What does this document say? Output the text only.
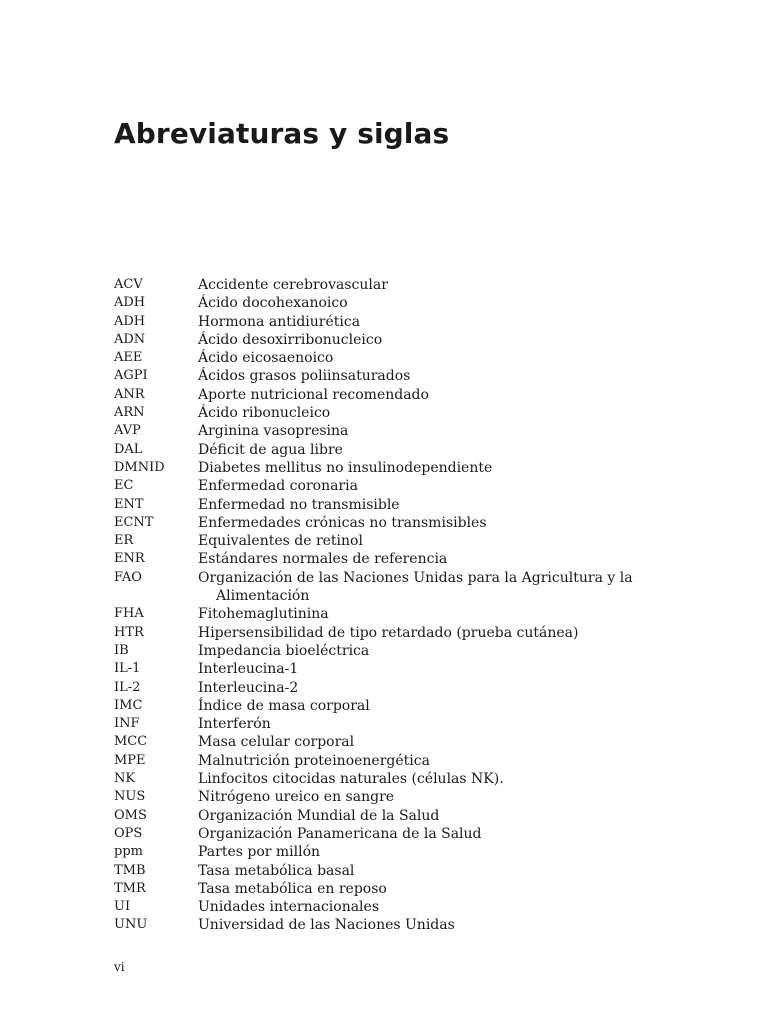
Abreviaturas y siglas
ACV	Accidente cerebrovascular
ADH	Ácido docohexanoico
ADH	Hormona antidiurética
ADN	Ácido desoxirribonucleico
AEE	Ácido eicosaenoico
AGPI	Ácidos grasos poliinsaturados
ANR	Aporte nutricional recomendado
ARN	Ácido ribonucleico
AVP	Arginina vasopresina
DAL	Déficit de agua libre
DMNID	Diabetes mellitus no insulinodependiente
EC	Enfermedad coronaria
ENT	Enfermedad no transmisible
ECNT	Enfermedades crónicas no transmisibles
ER	Equivalentes de retinol
ENR	Estándares normales de referencia
FAO	Organización de las Naciones Unidas para la Agricultura y la Alimentación
FHA	Fitohemaglutinina
HTR	Hipersensibilidad de tipo retardado (prueba cutánea)
IB	Impedancia bioeléctrica
IL-1	Interleucina-1
IL-2	Interleucina-2
IMC	Índice de masa corporal
INF	Interferón
MCC	Masa celular corporal
MPE	Malnutrición proteinoenergética
NK	Linfocitos citocidas naturales (células NK).
NUS	Nitrógeno ureico en sangre
OMS	Organización Mundial de la Salud
OPS	Organización Panamericana de la Salud
ppm	Partes por millón
TMB	Tasa metabólica basal
TMR	Tasa metabólica en reposo
UI	Unidades internacionales
UNU	Universidad de las Naciones Unidas
vi
